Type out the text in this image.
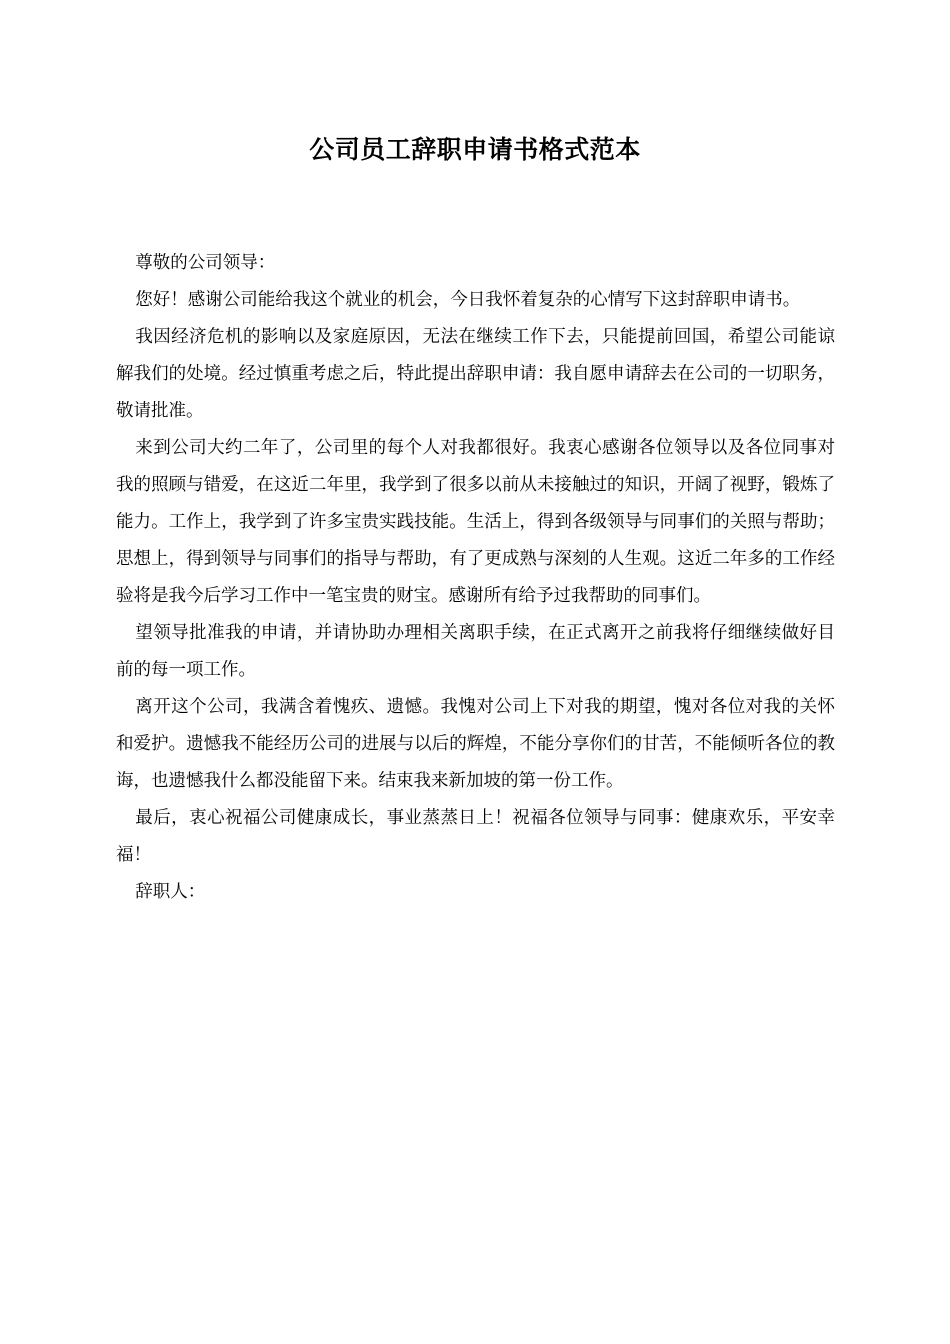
公司员工辞职申请书格式范本

尊敬的公司领导：

您好！感谢公司能给我这个就业的机会，今日我怀着复杂的心情写下这封辞职申请书。

我因经济危机的影响以及家庭原因，无法在继续工作下去，只能提前回国，希望公司能谅解我们的处境。经过慎重考虑之后，特此提出辞职申请：我自愿申请辞去在公司的一切职务，敬请批准。

来到公司大约二年了，公司里的每个人对我都很好。我衷心感谢各位领导以及各位同事对我的照顾与错爱，在这近二年里，我学到了很多以前从未接触过的知识，开阔了视野，锻炼了能力。工作上，我学到了许多宝贵实践技能。生活上，得到各级领导与同事们的关照与帮助；思想上，得到领导与同事们的指导与帮助，有了更成熟与深刻的人生观。这近二年多的工作经验将是我今后学习工作中一笔宝贵的财宝。感谢所有给予过我帮助的同事们。

望领导批准我的申请，并请协助办理相关离职手续，在正式离开之前我将仔细继续做好目前的每一项工作。

离开这个公司，我满含着愧疚、遗憾。我愧对公司上下对我的期望，愧对各位对我的关怀和爱护。遗憾我不能经历公司的进展与以后的辉煌，不能分享你们的甘苦，不能倾听各位的教诲，也遗憾我什么都没能留下来。结束我来新加坡的第一份工作。

最后，衷心祝福公司健康成长，事业蒸蒸日上！祝福各位领导与同事：健康欢乐，平安幸福！

辞职人：
